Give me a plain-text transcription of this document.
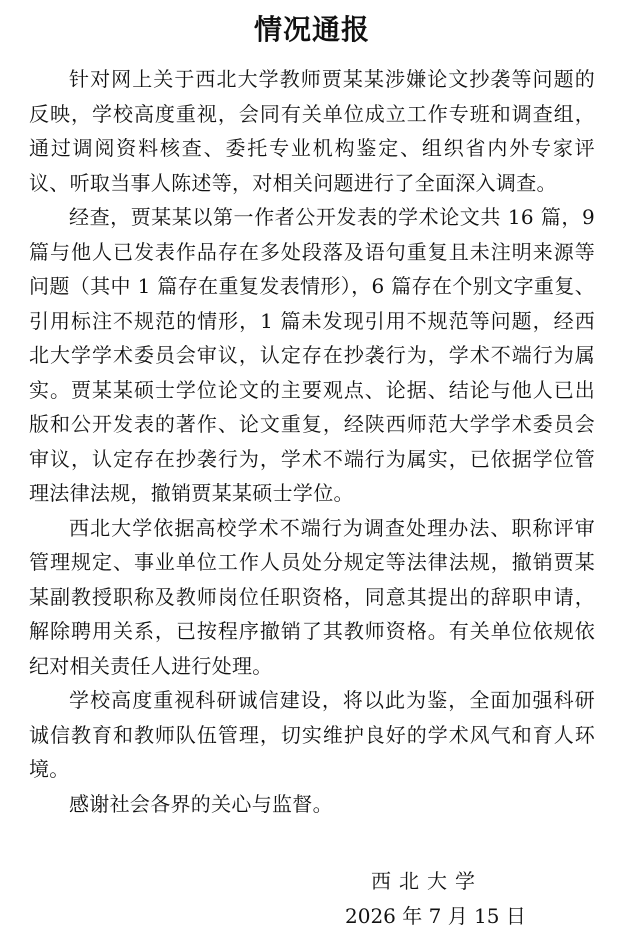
情况通报

针对网上关于西北大学教师贾某某涉嫌论文抄袭等问题的反映，学校高度重视，会同有关单位成立工作专班和调查组，通过调阅资料核查、委托专业机构鉴定、组织省内外专家评议、听取当事人陈述等，对相关问题进行了全面深入调查。

经查，贾某某以第一作者公开发表的学术论文共 16 篇，9 篇与他人已发表作品存在多处段落及语句重复且未注明来源等问题（其中 1 篇存在重复发表情形），6 篇存在个别文字重复、引用标注不规范的情形，1 篇未发现引用不规范等问题，经西北大学学术委员会审议，认定存在抄袭行为，学术不端行为属实。贾某某硕士学位论文的主要观点、论据、结论与他人已出版和公开发表的著作、论文重复，经陕西师范大学学术委员会审议，认定存在抄袭行为，学术不端行为属实，已依据学位管理法律法规，撤销贾某某硕士学位。

西北大学依据高校学术不端行为调查处理办法、职称评审管理规定、事业单位工作人员处分规定等法律法规，撤销贾某某副教授职称及教师岗位任职资格，同意其提出的辞职申请，解除聘用关系，已按程序撤销了其教师资格。有关单位依规依纪对相关责任人进行处理。

学校高度重视科研诚信建设，将以此为鉴，全面加强科研诚信教育和教师队伍管理，切实维护良好的学术风气和育人环境。

感谢社会各界的关心与监督。

西北大学
2026 年 7 月 15 日
